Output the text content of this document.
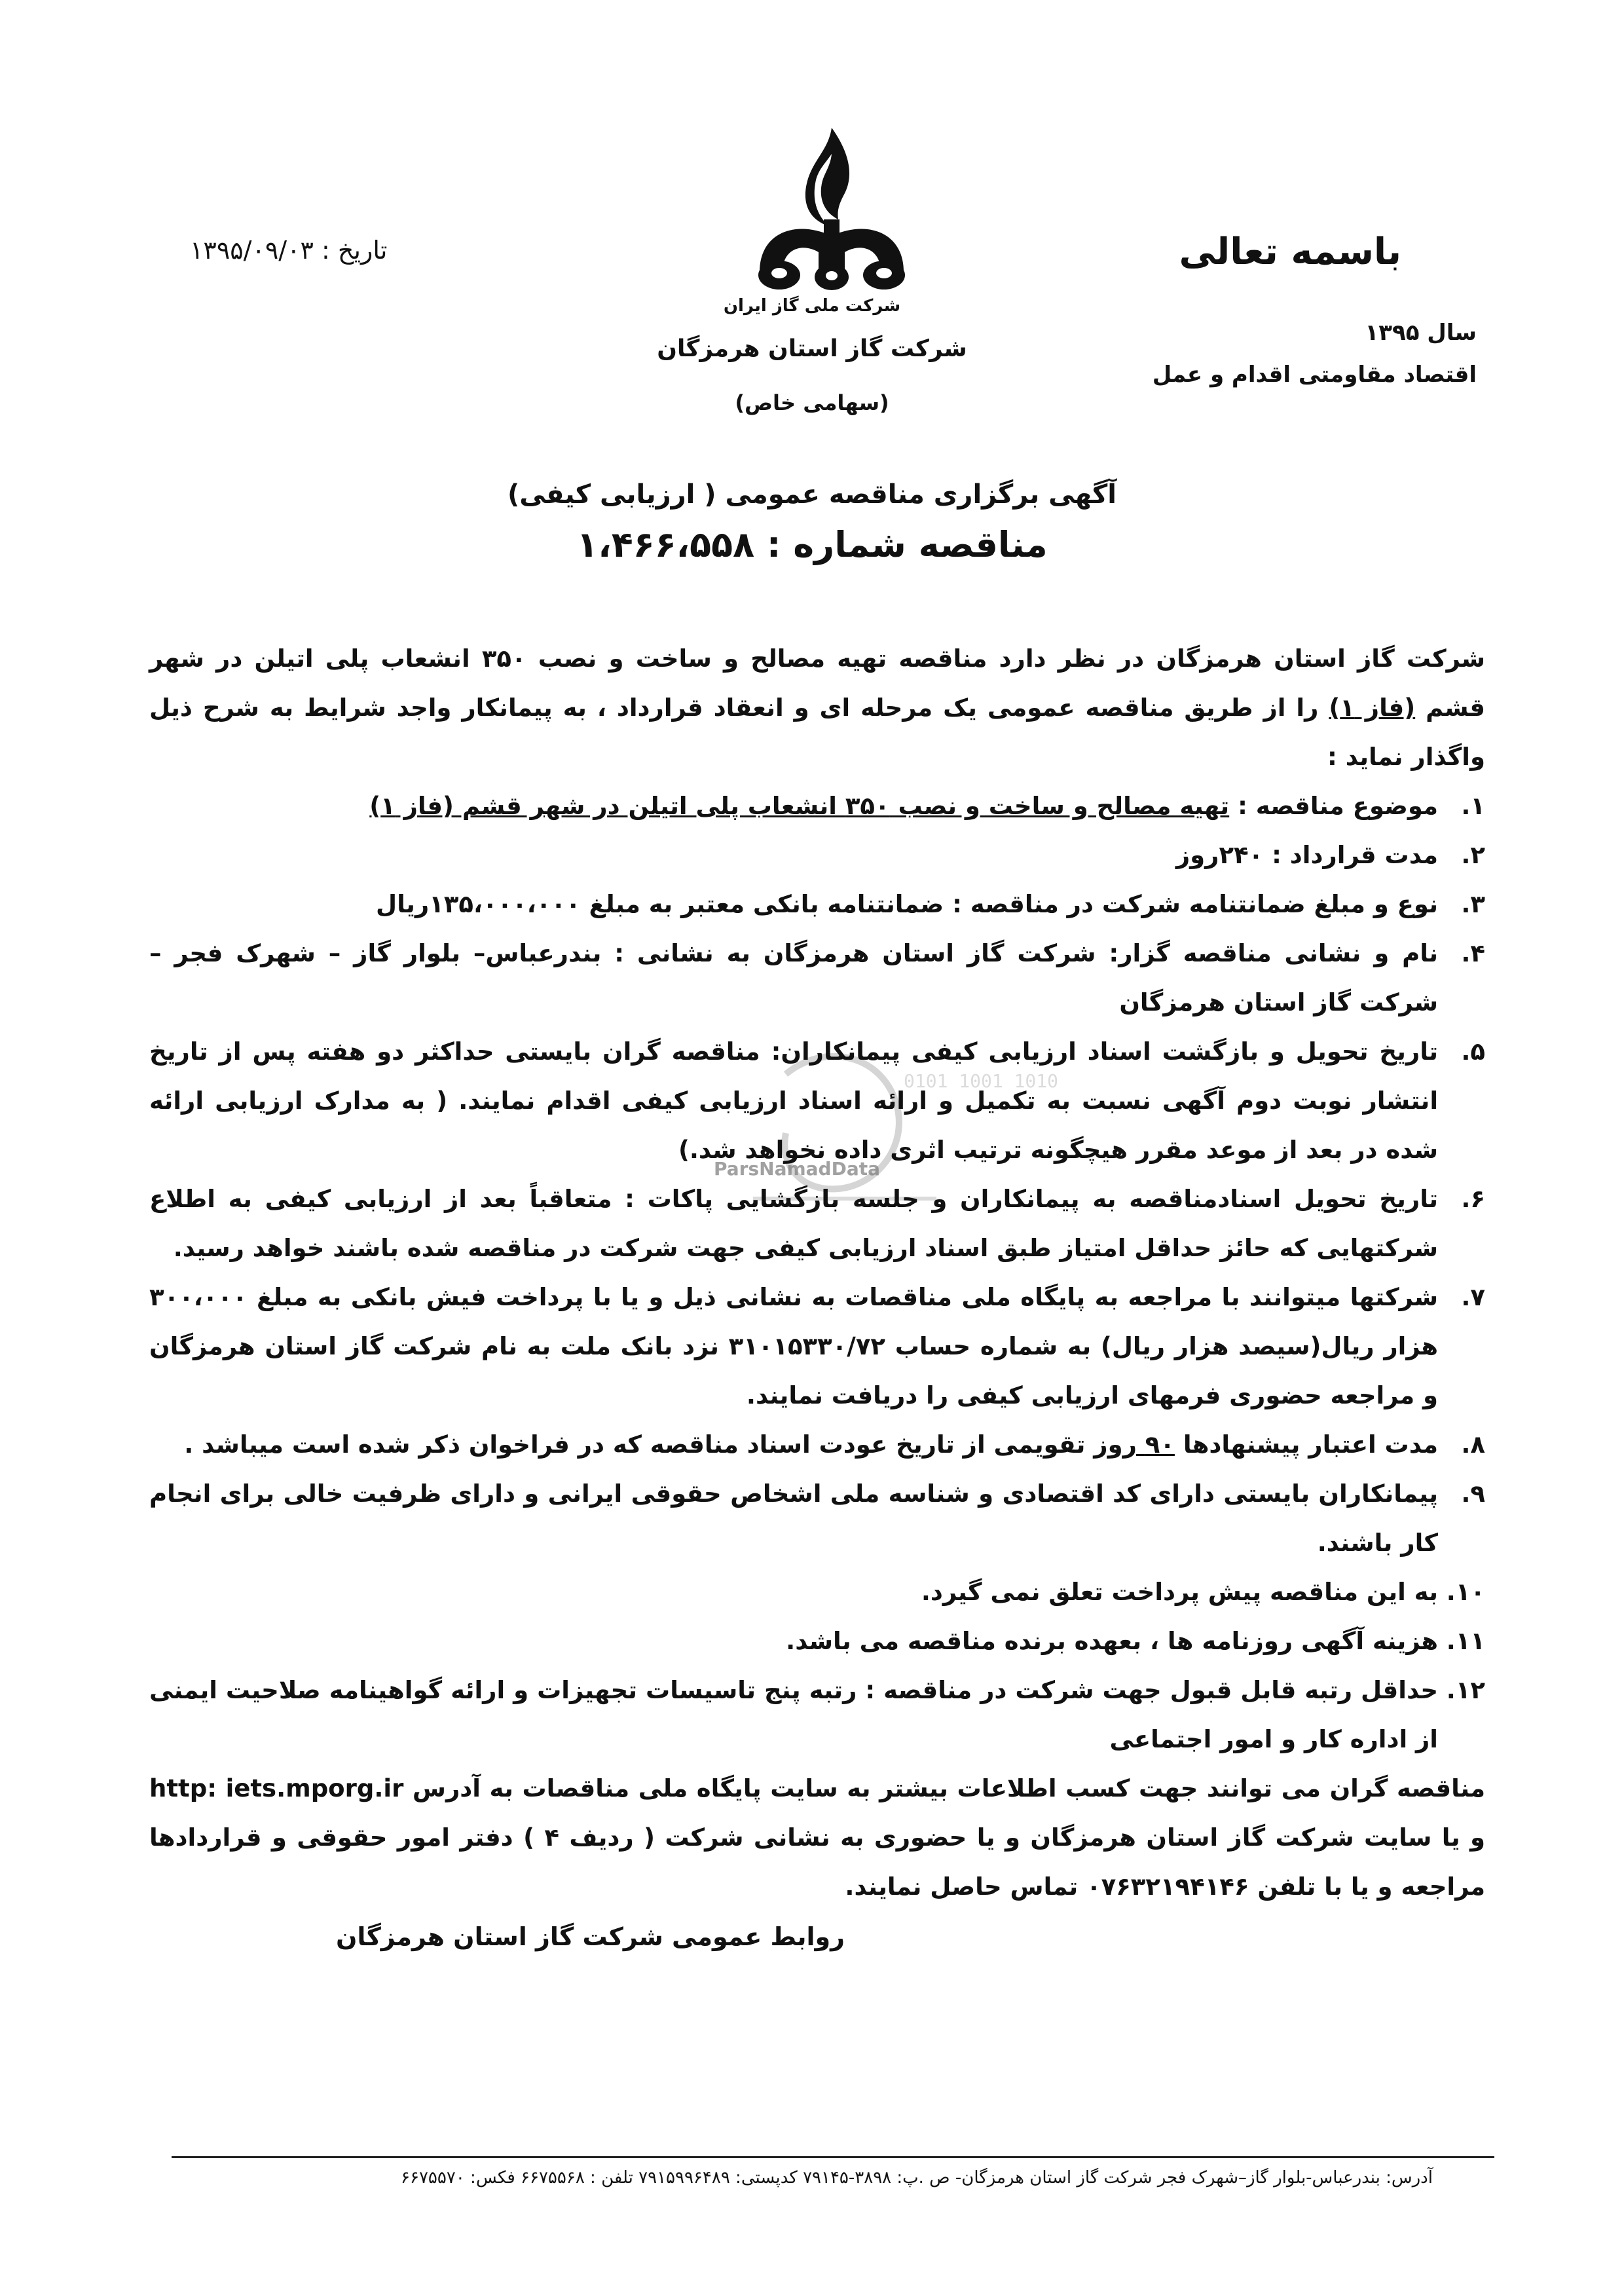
باسمه تعالی
سال ۱۳۹۵
اقتصاد مقاومتی اقدام و عمل
تاریخ : ۱۳۹۵/۰۹/۰۳
شرکت ملی گاز ایران
شرکت گاز استان هرمزگان
(سهامی خاص)
آگهی برگزاری مناقصه عمومی ( ارزیابی کیفی)
مناقصه شماره : ۱،۴۶۶،۵۵۸
0101 1001 1010
ParsNamadData

شرکت گاز استان هرمزگان در نظر دارد مناقصه تهیه مصالح و ساخت و نصب ۳۵۰ انشعاب پلی اتیلن در شهر قشم (فاز ۱) را از طریق مناقصه عمومی یک مرحله ای و انعقاد قرارداد ، به پیمانکار واجد شرایط به شرح ذیل واگذار نماید :

۱.
موضوع مناقصه : تهیه مصالح و ساخت و نصب ۳۵۰ انشعاب پلی اتیلن در شهر قشم (فاز ۱)

۲.
مدت قرارداد : ۲۴۰روز

۳.
نوع و مبلغ ضمانتنامه شرکت در مناقصه : ضمانتنامه بانکی معتبر به مبلغ ۱۳۵،۰۰۰،۰۰۰ریال

۴.
نام و نشانی مناقصه گزار: شرکت گاز استان هرمزگان به نشانی : بندرعباس– بلوار گاز – شهرک فجر – شرکت گاز استان هرمزگان

۵.
تاریخ تحویل و بازگشت اسناد ارزیابی کیفی پیمانکاران: مناقصه گران بایستی حداکثر دو هفته پس از تاریخ انتشار نوبت دوم آگهی نسبت به تکمیل و ارائه اسناد ارزیابی کیفی اقدام نمایند. ( به مدارک ارزیابی ارائه شده در بعد از موعد مقرر هیچگونه ترتیب اثری داده نخواهد شد.)

۶.
تاریخ تحویل اسنادمناقصه به پیمانکاران و جلسه بازگشایی پاکات : متعاقباً بعد از ارزیابی کیفی به اطلاع شرکتهایی که حائز حداقل امتیاز طبق اسناد ارزیابی کیفی جهت شرکت در مناقصه شده باشند خواهد رسید.

۷.
شرکتها میتوانند با مراجعه به پایگاه ملی مناقصات به نشانی ذیل و یا با پرداخت فیش بانکی به مبلغ ۳۰۰،۰۰۰ هزار ریال(سیصد هزار ریال) به شماره حساب ۳۱۰۱۵۳۳۰/۷۲ نزد بانک ملت به نام شرکت گاز استان هرمزگان و مراجعه حضوری فرمهای ارزیابی کیفی را دریافت نمایند.

۸.
مدت اعتبار پیشنهادها ۹۰ روز تقویمی از تاریخ عودت اسناد مناقصه که در فراخوان ذکر شده است میباشد .

۹.
پیمانکاران بایستی دارای کد اقتصادی و شناسه ملی اشخاص حقوقی ایرانی و دارای ظرفیت خالی برای انجام کار باشند.

۱۰.
به این مناقصه پیش پرداخت تعلق نمی گیرد.

۱۱.
هزینه آگهی روزنامه ها ، بعهده برنده مناقصه می باشد.

۱۲.
حداقل رتبه قابل قبول جهت شرکت در مناقصه : رتبه پنج تاسیسات تجهیزات و ارائه گواهینامه صلاحیت ایمنی از اداره کار و امور اجتماعی

مناقصه گران می توانند جهت کسب اطلاعات بیشتر به سایت پایگاه ملی مناقصات به آدرس http: iets.mporg.ir و یا سایت شرکت گاز استان هرمزگان و یا حضوری به نشانی شرکت ( ردیف ۴ ) دفتر امور حقوقی و قراردادها مراجعه و یا با تلفن ۰۷۶۳۲۱۹۴۱۴۶ تماس حاصل نمایند.

روابط عمومی شرکت گاز استان هرمزگان
آدرس: بندرعباس-بلوار گاز–شهرک فجر شرکت گاز استان هرمزگان- ص .پ: ۳۸۹۸-۷۹۱۴۵ کدپستی: ۷۹۱۵۹۹۶۴۸۹ تلفن : ۶۶۷۵۵۶۸ فکس: ۶۶۷۵۵۷۰
